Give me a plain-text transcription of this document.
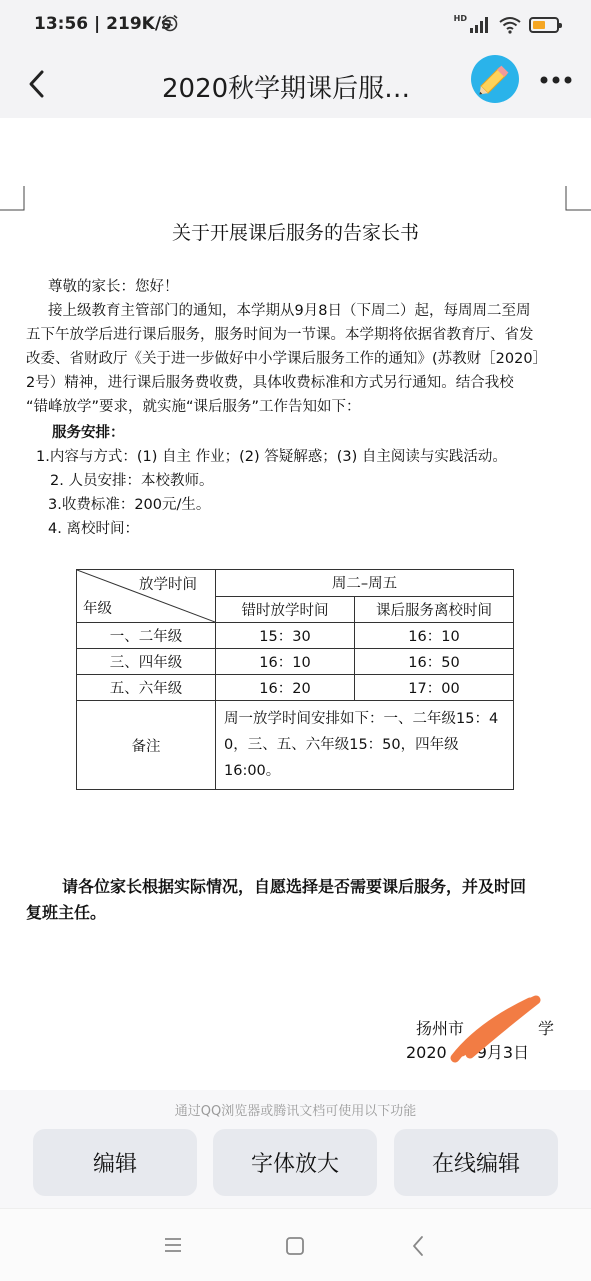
13:56 | 219K/s	HD
2020秋学期课后服…
关于开展课后服务的告家长书
尊敬的家长：您好！
接上级教育主管部门的通知，本学期从9月8日（下周二）起，每周周二至周
五下午放学后进行课后服务，服务时间为一节课。本学期将依据省教育厅、省发
改委、省财政厅《关于进一步做好中小学课后服务工作的通知》(苏教财［2020］
2号）精神，进行课后服务费收费，具体收费标准和方式另行通知。结合我校
“错峰放学”要求，就实施“课后服务”工作告知如下：
服务安排：
1.内容与方式：(1) 自主 作业；(2) 答疑解惑；(3) 自主阅读与实践活动。
2. 人员安排：本校教师。
3.收费标准：200元/生。
4. 离校时间：
放学时间
年级	周二–周五	
	错时放学时间	课后服务离校时间
一、二年级	15：30	16：10
三、四年级	16：10	16：50
五、六年级	16：20	17：00
备注	周一放学时间安排如下：一、二年级15：4
0，三、五、六年级15：50，四年级16:00。	
请各位家长根据实际情况，自愿选择是否需要课后服务，并及时回
复班主任。
扬州市	学
2020 9月3日
通过QQ浏览器或腾讯文档可使用以下功能
编辑	字体放大	在线编辑
